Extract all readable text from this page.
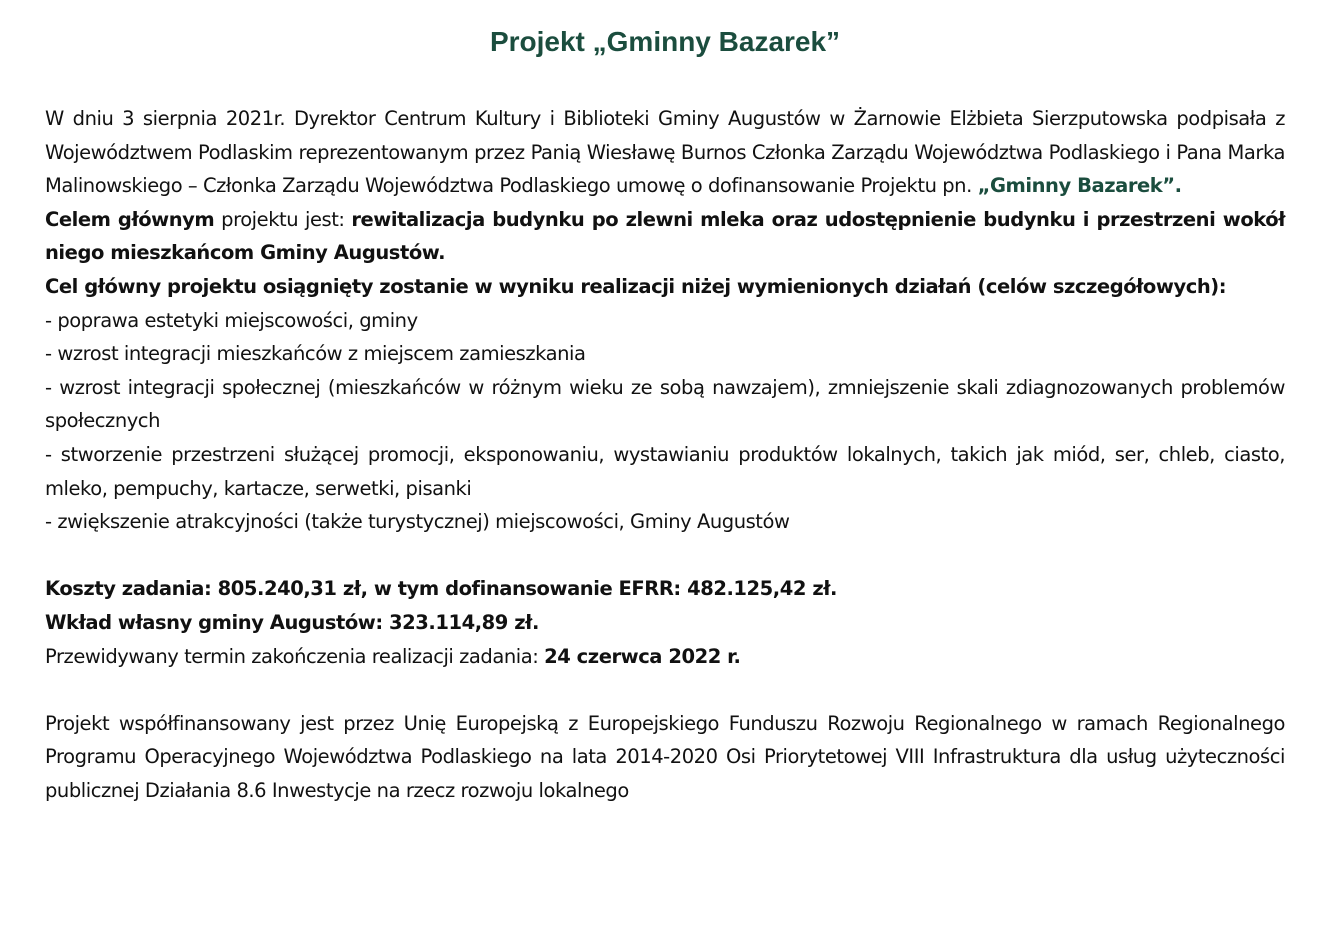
Projekt „Gminny Bazarek”

W dniu 3 sierpnia 2021r. Dyrektor Centrum Kultury i Biblioteki Gminy Augustów w Żarnowie Elżbieta Sierzputowska podpisała z Województwem Podlaskim reprezentowanym przez Panią Wiesławę Burnos Członka Zarządu Województwa Podlaskiego i Pana Marka Malinowskiego – Członka Zarządu Województwa Podlaskiego umowę o dofinansowanie Projektu pn. „Gminny Bazarek”.

Celem głównym projektu jest: rewitalizacja budynku po zlewni mleka oraz udostępnienie budynku i przestrzeni wokół niego mieszkańcom Gminy Augustów.

Cel główny projektu osiągnięty zostanie w wyniku realizacji niżej wymienionych działań (celów szczegółowych):

- poprawa estetyki miejscowości, gminy

- wzrost integracji mieszkańców z miejscem zamieszkania

- wzrost integracji społecznej (mieszkańców w różnym wieku ze sobą nawzajem), zmniejszenie skali zdiagnozowanych problemów społecznych

- stworzenie przestrzeni służącej promocji, eksponowaniu, wystawianiu produktów lokalnych, takich jak miód, ser, chleb, ciasto, mleko, pempuchy, kartacze, serwetki, pisanki

- zwiększenie atrakcyjności (także turystycznej) miejscowości, Gminy Augustów

Koszty zadania: 805.240,31 zł, w tym dofinansowanie EFRR: 482.125,42 zł.

Wkład własny gminy Augustów: 323.114,89 zł.

Przewidywany termin zakończenia realizacji zadania: 24 czerwca 2022 r.

Projekt współfinansowany jest przez Unię Europejską z Europejskiego Funduszu Rozwoju Regionalnego w ramach Regionalnego Programu Operacyjnego Województwa Podlaskiego na lata 2014-2020 Osi Priorytetowej VIII Infrastruktura dla usług użyteczności publicznej Działania 8.6 Inwestycje na rzecz rozwoju lokalnego
